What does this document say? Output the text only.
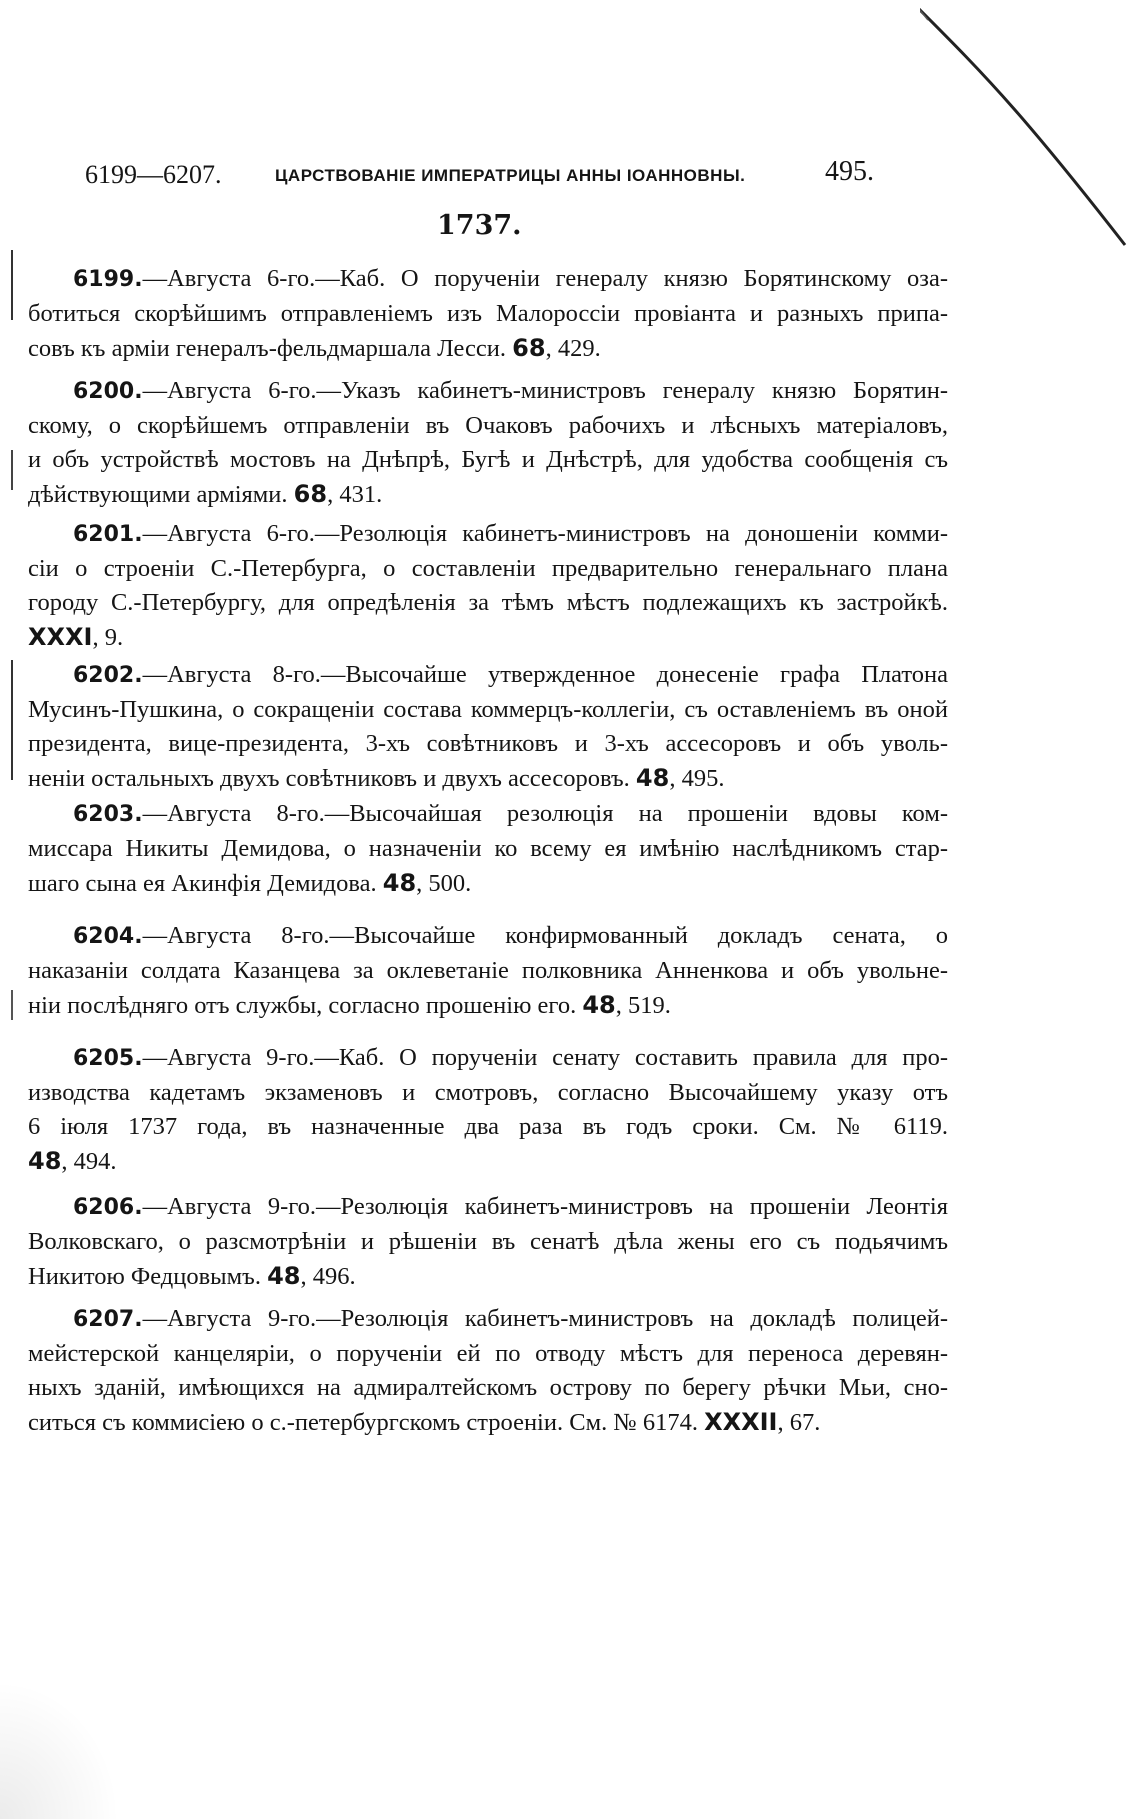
6199—6207.	ЦАРСТВОВАНІЕ ИМПЕРАТРИЦЫ АННЫ ІОАННОВНЫ.	495.
1737.
6199.—Августа 6-го.—Каб. О порученіи генералу князю Борятинскому оза-
ботиться скорѣйшимъ отправленіемъ изъ Малороссіи провіанта и разныхъ припа-
совъ къ арміи генералъ-фельдмаршала Лесси. 68, 429.
6200.—Августа 6-го.—Указъ кабинетъ-министровъ генералу князю Борятин-
скому, о скорѣйшемъ отправленіи въ Очаковъ рабочихъ и лѣсныхъ матеріаловъ,
и объ устройствѣ мостовъ на Днѣпрѣ, Бугѣ и Днѣстрѣ, для удобства сообщенія съ
дѣйствующими арміями. 68, 431.
6201.—Августа 6-го.—Резолюція кабинетъ-министровъ на доношеніи комми-
сіи о строеніи С.-Петербурга, о составленіи предварительно генеральнаго плана
городу С.-Петербургу, для опредѣленія за тѣмъ мѣстъ подлежащихъ къ застройкѣ.
XXXI, 9.
6202.—Августа 8-го.—Высочайше утвержденное донесеніе графа Платона
Мусинъ-Пушкина, о сокращеніи состава коммерцъ-коллегіи, съ оставленіемъ въ оной
президента, вице-президента, 3-хъ совѣтниковъ и 3-хъ ассесоровъ и объ уволь-
неніи остальныхъ двухъ совѣтниковъ и двухъ ассесоровъ. 48, 495.
6203.—Августа 8-го.—Высочайшая резолюція на прошеніи вдовы ком-
миссара Никиты Демидова, о назначеніи ко всему ея имѣнію наслѣдникомъ стар-
шаго сына ея Акинфія Демидова. 48, 500.
6204.—Августа 8-го.—Высочайше конфирмованный докладъ сената, о
наказаніи солдата Казанцева за оклеветаніе полковника Анненкова и объ увольне-
ніи послѣдняго отъ службы, согласно прошенію его. 48, 519.
6205.—Августа 9-го.—Каб. О порученіи сенату составить правила для про-
изводства кадетамъ экзаменовъ и смотровъ, согласно Высочайшему указу отъ
6 іюля 1737 года, въ назначенные два раза въ годъ сроки. См. № 6119.
48, 494.
6206.—Августа 9-го.—Резолюція кабинетъ-министровъ на прошеніи Леонтія
Волковскаго, о разсмотрѣніи и рѣшеніи въ сенатѣ дѣла жены его съ подьячимъ
Никитою Федцовымъ. 48, 496.
6207.—Августа 9-го.—Резолюція кабинетъ-министровъ на докладѣ полицей-
мейстерской канцеляріи, о порученіи ей по отводу мѣстъ для переноса деревян-
ныхъ зданій, имѣющихся на адмиралтейскомъ острову по берегу рѣчки Мьи, сно-
ситься съ коммисіею о с.-петербургскомъ строеніи. См. № 6174. XXXII, 67.
